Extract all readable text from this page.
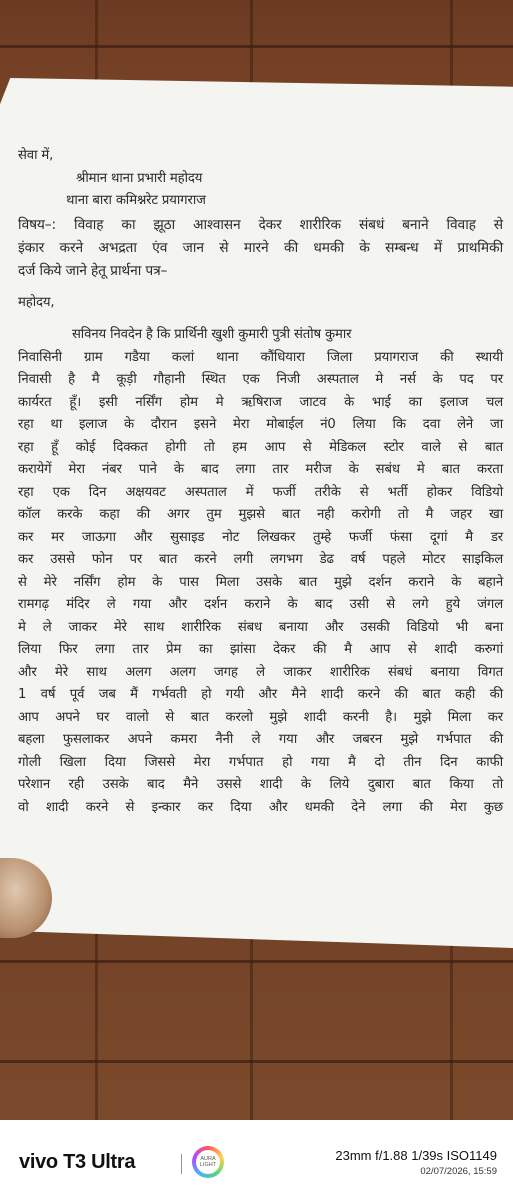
सेवा में,
श्रीमान थाना प्रभारी महोदय
थाना बारा कमिश्नरेट प्रयागराज
विषय–: विवाह का झूठा आश्वासन देकर शारीरिक संबधं बनाने विवाह से
इंकार करने अभद्रता एंव जान से मारने की धमकी के सम्बन्ध में प्राथमिकी
दर्ज किये जाने हेतू प्रार्थना पत्र–
महोदय,
सविनय निवदेन है कि प्रार्थिनी खुशी कुमारी पुत्री संतोष कुमार
निवासिनी ग्राम गडैया कलां थाना कौंधियारा जिला प्रयागराज की स्थायी
निवासी है मै कूड़ी गौहानी स्थित एक निजी अस्पताल मे नर्स के पद पर
कार्यरत हूँ। इसी नर्सिंग होम मे ऋषिराज जाटव के भाई का इलाज चल
रहा था इलाज के दौरान इसने मेरा मोबाईल नं0 लिया कि दवा लेने जा
रहा हूँ कोई दिक्कत होगी तो हम आप से मेडिकल स्टोर वाले से बात
करायेगें मेरा नंबर पाने के बाद लगा तार मरीज के सबंध मे बात करता
रहा एक दिन अक्षयवट अस्पताल में फर्जी तरीके से भर्ती होकर विडियो
कॉल करके कहा की अगर तुम मुझसे बात नही करोगी तो मै जहर खा
कर मर जाऊगा और सुसाइड नोट लिखकर तुम्हे फर्जी फंसा दूगां मै डर
कर उससे फोन पर बात करने लगी लगभग डेढ वर्ष पहले मोटर साइकिल
से मेरे नर्सिंग होम के पास मिला उसके बात मुझे दर्शन कराने के बहाने
रामगढ़ मंदिर ले गया और दर्शन कराने के बाद उसी से लगे हुये जंगल
मे ले जाकर मेरे साथ शारीरिक संबध बनाया और उसकी विडियो भी बना
लिया फिर लगा तार प्रेम का झांसा देकर की मै आप से शादी करुगां
और मेरे साथ अलग अलग जगह ले जाकर शारीरिक संबधं बनाया विगत
1 वर्ष पूर्व जब मैं गर्भवती हो गयी और मैने शादी करने की बात कही की
आप अपने घर वालो से बात करलो मुझे शादी करनी है। मुझे मिला कर
बहला फुसलाकर अपने कमरा नैनी ले गया और जबरन मुझे गर्भपात की
गोली खिला दिया जिससे मेरा गर्भपात हो गया मै दो तीन दिन काफी
परेशान रही उसके बाद मैने उससे शादी के लिये दुबारा बात किया तो
वो शादी करने से इन्कार कर दिया और धमकी देने लगा की मेरा कुछ
vivo T3 Ultra	AURA
LIGHT
23mm f/1.88 1/39s ISO1149
02/07/2026, 15:59
